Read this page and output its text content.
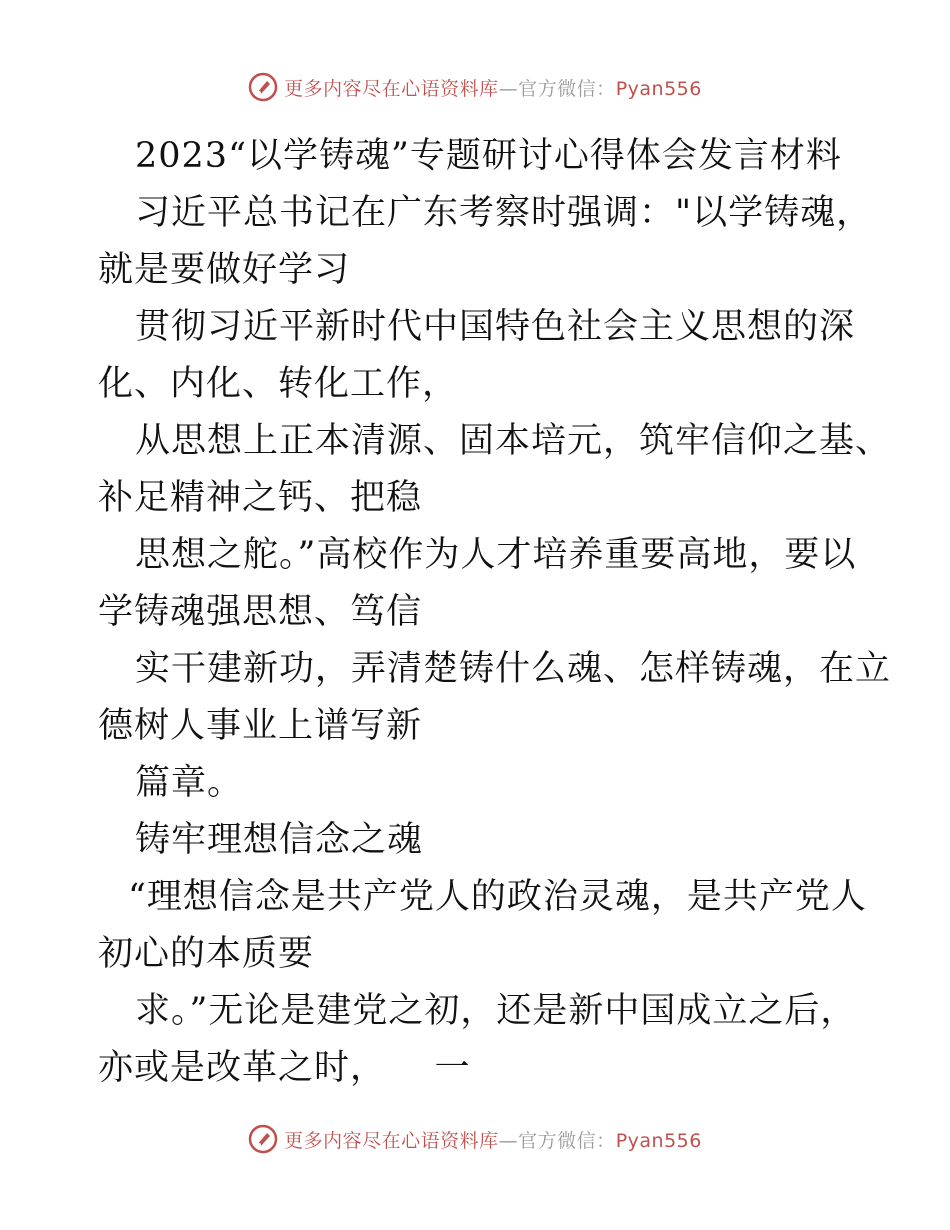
更多内容尽在心语资料库—官方微信：Pyan556
2023“以学铸魂”专题研讨心得体会发言材料
习近平总书记在广东考察时强调："以学铸魂，
就是要做好学习
贯彻习近平新时代中国特色社会主义思想的深
化、内化、转化工作，
从思想上正本清源、固本培元，筑牢信仰之基、
补足精神之钙、把稳
思想之舵。”高校作为人才培养重要高地，要以
学铸魂强思想、笃信
实干建新功，弄清楚铸什么魂、怎样铸魂，在立
德树人事业上谱写新
篇章。
铸牢理想信念之魂
“理想信念是共产党人的政治灵魂，是共产党人
初心的本质要
求。”无论是建党之初，还是新中国成立之后，
亦或是改革之时，    一
更多内容尽在心语资料库—官方微信：Pyan556
